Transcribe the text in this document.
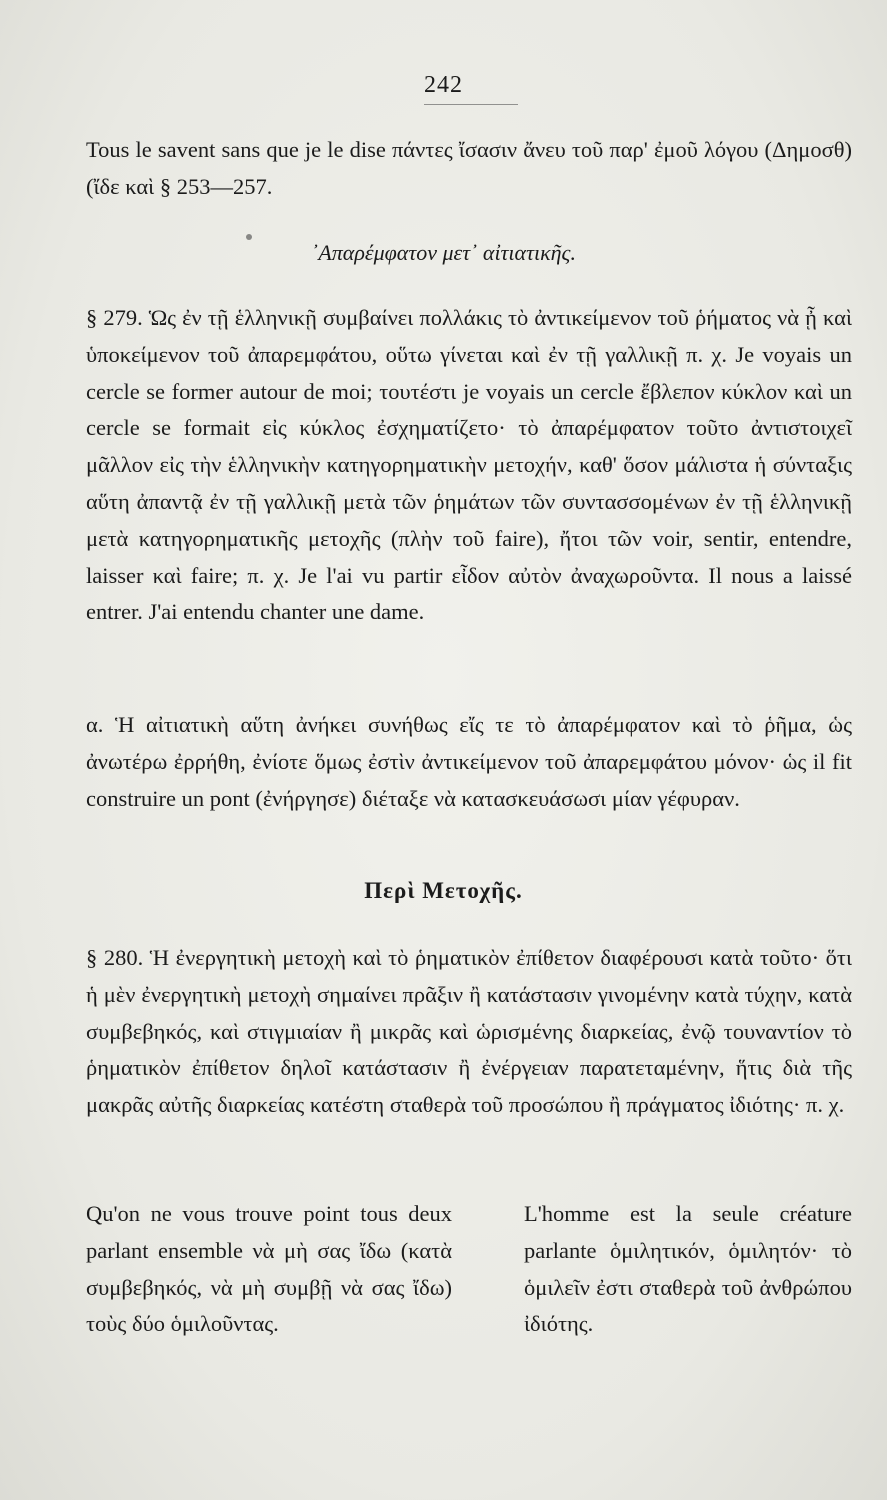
242

Tous le savent sans que je le dise πάντες ἴσασιν ἄνευ τοῦ παρ' ἐμοῦ λόγου (Δημοσθ) (ἴδε καὶ § 253—257.

᾿Απαρέμφατον μετ᾿ αἰτιατικῆς.

§ 279. Ὡς ἐν τῇ ἑλληνικῇ συμβαίνει πολλάκις τὸ ἀντικείμενον τοῦ ῥήματος νὰ ᾖ καὶ ὑποκείμενον τοῦ ἀπαρεμφάτου, οὕτω γίνεται καὶ ἐν τῇ γαλλικῇ π. χ. Je voyais un cercle se former autour de moi; τουτέστι je voyais un cercle ἔβλεπον κύκλον καὶ un cercle se formait εἰς κύκλος ἐσχηματίζετο· τὸ ἀπαρέμφατον τοῦτο ἀντιστοιχεῖ μᾶλλον εἰς τὴν ἑλληνικὴν κατηγορηματικὴν μετοχήν, καθ' ὅσον μάλιστα ἡ σύνταξις αὕτη ἀπαντᾷ ἐν τῇ γαλλικῇ μετὰ τῶν ῥημάτων τῶν συντασσομένων ἐν τῇ ἑλληνικῇ μετὰ κατηγορηματικῆς μετοχῆς (πλὴν τοῦ faire), ἤτοι τῶν voir, sentir, entendre, laisser καὶ faire; π. χ. Je l'ai vu partir εἶδον αὐτὸν ἀναχωροῦντα. Il nous a laissé entrer. J'ai entendu chanter une dame.

α. Ἡ αἰτιατικὴ αὕτη ἀνήκει συνήθως εἴς τε τὸ ἀπαρέμφατον καὶ τὸ ῥῆμα, ὡς ἀνωτέρω ἐρρήθη, ἐνίοτε ὅμως ἐστὶν ἀντικείμενον τοῦ ἀπαρεμφάτου μόνον· ὡς il fit construire un pont (ἐνήργησε) διέταξε νὰ κατασκευάσωσι μίαν γέφυραν.

Περὶ Μετοχῆς.

§ 280. Ἡ ἐνεργητικὴ μετοχὴ καὶ τὸ ῥηματικὸν ἐπίθετον διαφέρουσι κατὰ τοῦτο· ὅτι ἡ μὲν ἐνεργητικὴ μετοχὴ σημαίνει πρᾶξιν ἢ κατάστασιν γινομένην κατὰ τύχην, κατὰ συμβεβηκός, καὶ στιγμιαίαν ἢ μικρᾶς καὶ ὡρισμένης διαρκείας, ἐνῷ τουναντίον τὸ ῥηματικὸν ἐπίθετον δηλοῖ κατάστασιν ἢ ἐνέργειαν παρατεταμένην, ἥτις διὰ τῆς μακρᾶς αὐτῆς διαρκείας κατέστη σταθερὰ τοῦ προσώπου ἢ πράγματος ἰδιότης· π. χ.

Qu'on ne vous trouve point tous deux parlant ensemble νὰ μὴ σας ἴδω (κατὰ συμβεβηκός, νὰ μὴ συμβῇ νὰ σας ἴδω) τοὺς δύο ὁμιλοῦντας.

L'homme est la seule créature parlante ὁμιλητικόν, ὁμιλητόν· τὸ ὁμιλεῖν ἐστι σταθερὰ τοῦ ἀνθρώπου ἰδιότης.
